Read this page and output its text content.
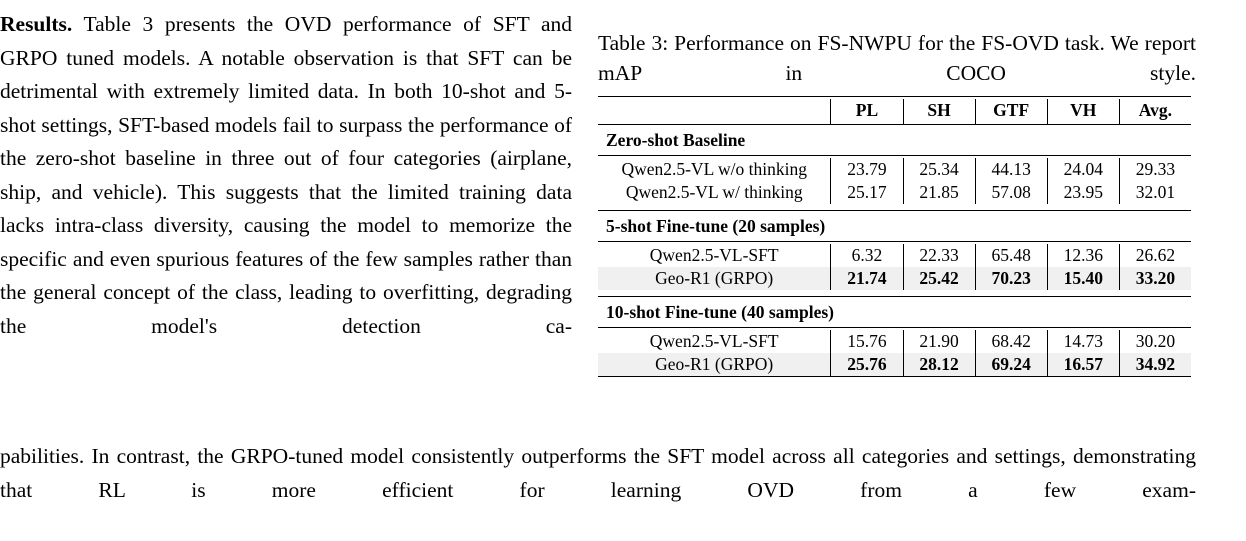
Results. Table 3 presents the OVD performance of SFT and GRPO tuned models. A notable observation is that SFT can be detrimental with extremely limited data. In both 10-shot and 5-shot settings, SFT-based models fail to surpass the performance of the zero-shot baseline in three out of four categories (airplane, ship, and vehicle). This suggests that the limited training data lacks intra-class diversity, causing the model to memorize the specific and even spurious features of the few samples rather than the general concept of the class, leading to overfitting, degrading the model's detection ca-
Table 3: Performance on FS-NWPU for the FS-OVD task. We report mAP in COCO style.

	PL	SH	GTF	VH	Avg.

Zero-shot Baseline					

Qwen2.5-VL w/o thinking	23.79	25.34	44.13	24.04	29.33
Qwen2.5-VL w/ thinking	25.17	21.85	57.08	23.95	32.01

5-shot Fine-tune (20 samples)					

Qwen2.5-VL-SFT	6.32	22.33	65.48	12.36	26.62
Geo-R1 (GRPO)	21.74	25.42	70.23	15.40	33.20

10-shot Fine-tune (40 samples)					

Qwen2.5-VL-SFT	15.76	21.90	68.42	14.73	30.20
Geo-R1 (GRPO)	25.76	28.12	69.24	16.57	34.92

pabilities. In contrast, the GRPO-tuned model consistently outperforms the SFT model across all categories and settings, demonstrating that RL is more efficient for learning OVD from a few exam-
